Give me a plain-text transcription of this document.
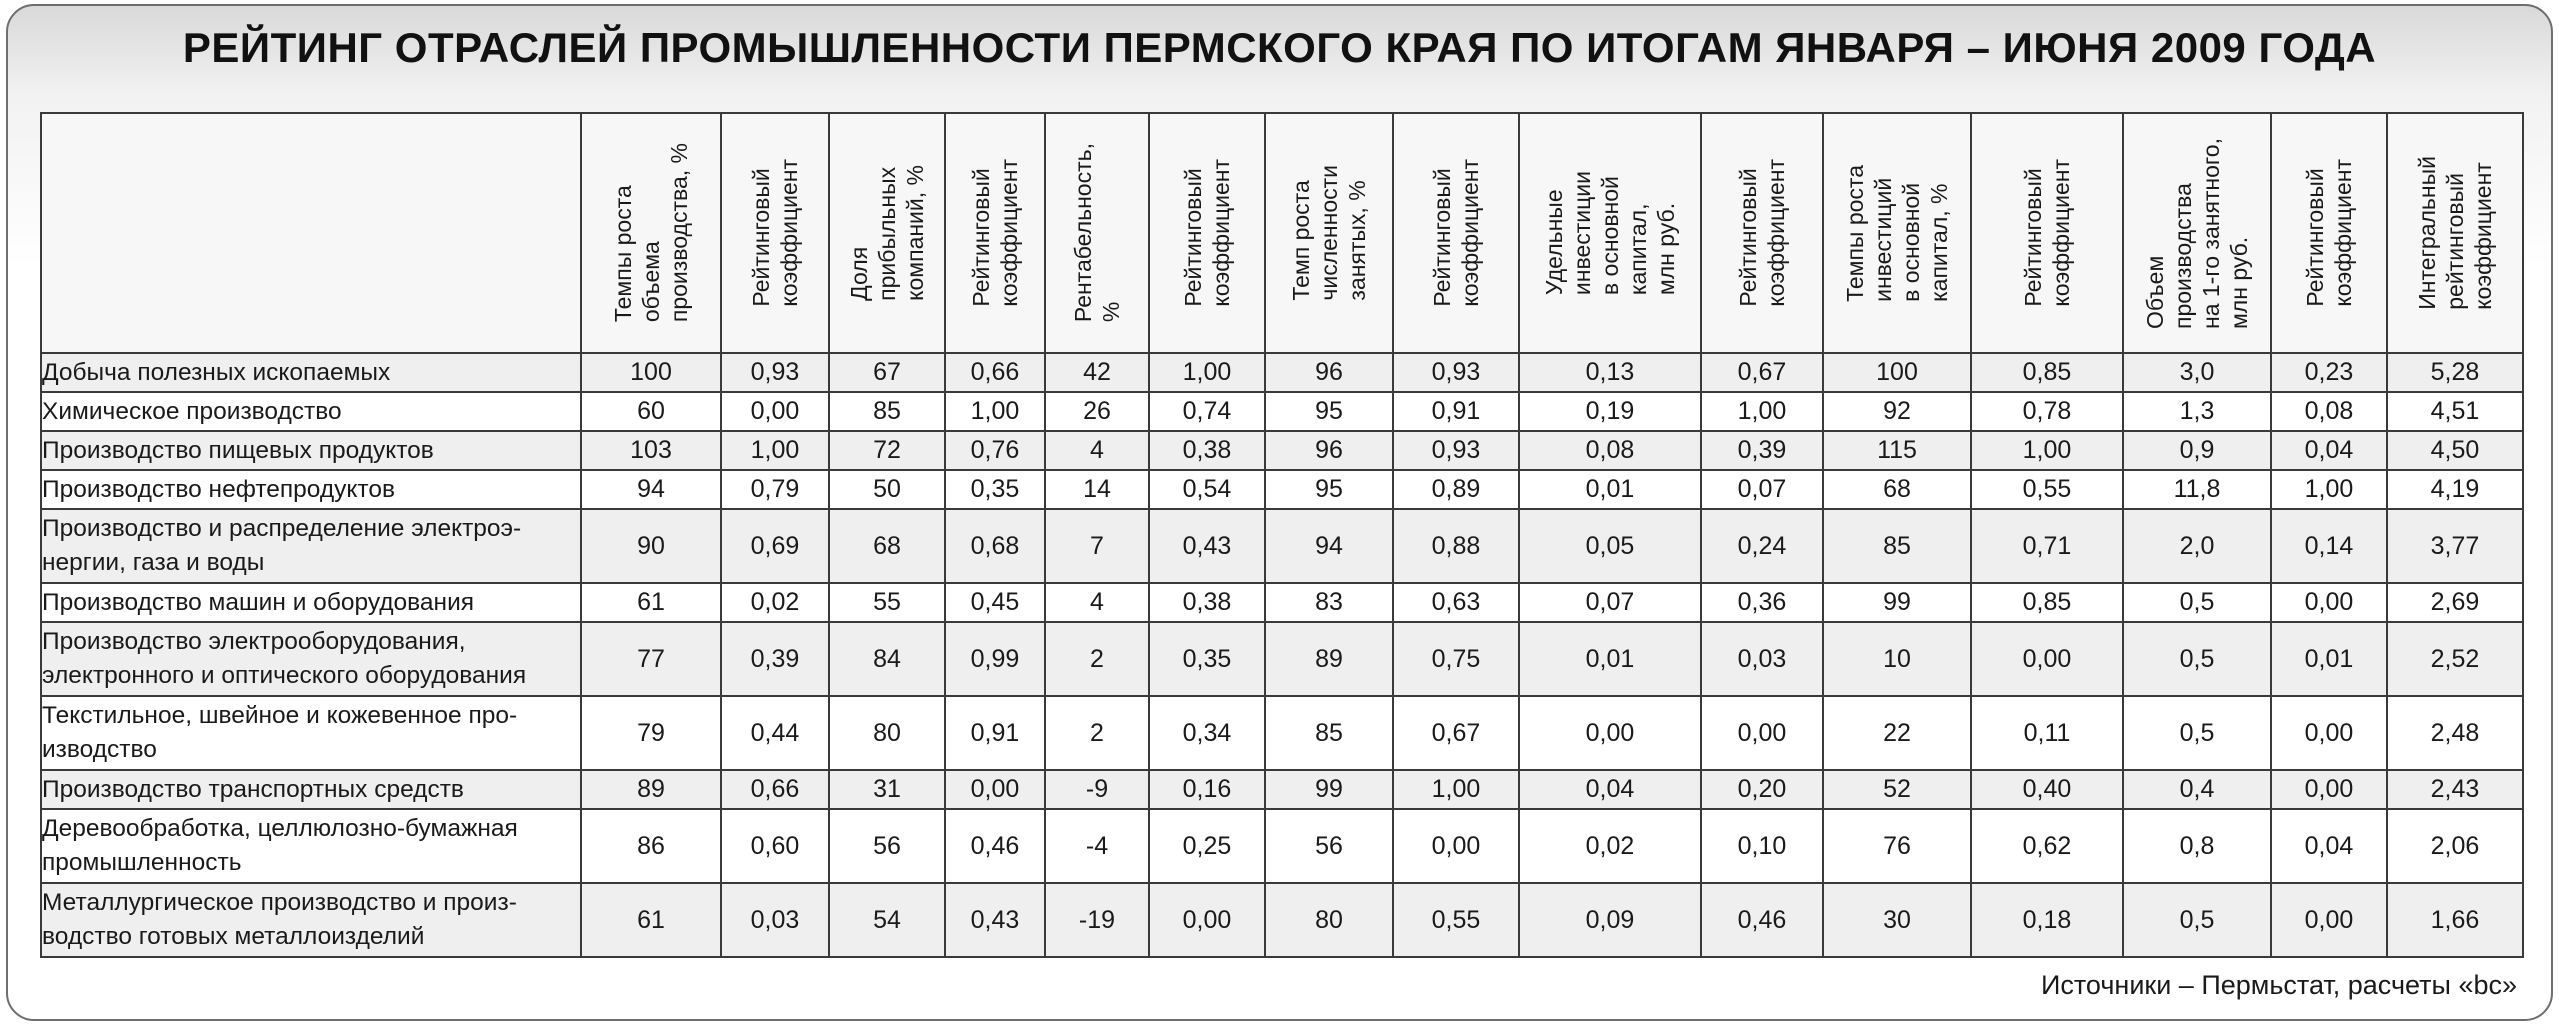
РЕЙТИНГ ОТРАСЛЕЙ ПРОМЫШЛЕННОСТИ ПЕРМСКОГО КРАЯ ПО ИТОГАМ ЯНВАРЯ – ИЮНЯ 2009 ГОДА

	Темпы роста
объема
производства, %	Рейтинговый
коэффициент	Доля
прибыльных
компаний, %	Рейтинговый
коэффициент	Рентабельность,
%	Рейтинговый
коэффициент	Темп роста
численности
занятых, %	Рейтинговый
коэффициент	Удельные
инвестиции
в основной
капитал,
млн руб.	Рейтинговый
коэффициент	Темпы роста
инвестиций
в основной
капитал, %	Рейтинговый
коэффициент	Объем
производства
на 1-го занятного,
млн руб.	Рейтинговый
коэффициент	Интегральный
рейтинговый
коэффициент

Добыча полезных ископаемых	100	0,93	67	0,66	42	1,00	96	0,93	0,13	0,67	100	0,85	3,0	0,23	5,28
Химическое производство	60	0,00	85	1,00	26	0,74	95	0,91	0,19	1,00	92	0,78	1,3	0,08	4,51
Производство пищевых продуктов	103	1,00	72	0,76	4	0,38	96	0,93	0,08	0,39	115	1,00	0,9	0,04	4,50
Производство нефтепродуктов	94	0,79	50	0,35	14	0,54	95	0,89	0,01	0,07	68	0,55	11,8	1,00	4,19
Производство и распределение электроэ-
нергии, газа и воды	90	0,69	68	0,68	7	0,43	94	0,88	0,05	0,24	85	0,71	2,0	0,14	3,77
Производство машин и оборудования	61	0,02	55	0,45	4	0,38	83	0,63	0,07	0,36	99	0,85	0,5	0,00	2,69
Производство электрооборудования,
электронного и оптического оборудования	77	0,39	84	0,99	2	0,35	89	0,75	0,01	0,03	10	0,00	0,5	0,01	2,52
Текстильное, швейное и кожевенное про-
изводство	79	0,44	80	0,91	2	0,34	85	0,67	0,00	0,00	22	0,11	0,5	0,00	2,48
Производство транспортных средств	89	0,66	31	0,00	-9	0,16	99	1,00	0,04	0,20	52	0,40	0,4	0,00	2,43
Деревообработка, целлюлозно-бумажная
промышленность	86	0,60	56	0,46	-4	0,25	56	0,00	0,02	0,10	76	0,62	0,8	0,04	2,06
Металлургическое производство и произ-
водство готовых металлоизделий	61	0,03	54	0,43	-19	0,00	80	0,55	0,09	0,46	30	0,18	0,5	0,00	1,66
Источники – Пермьстат, расчеты «bc»
